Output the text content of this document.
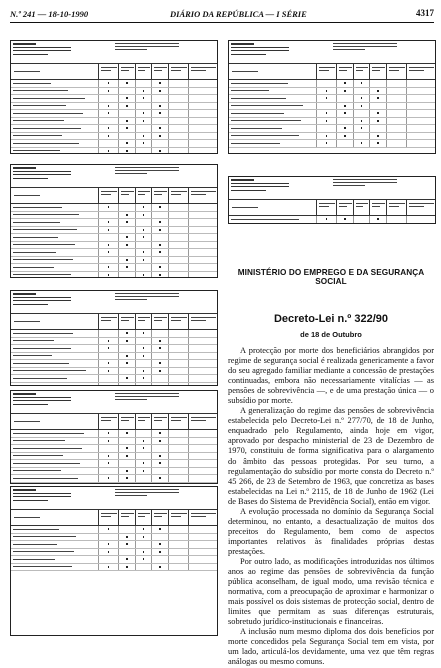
N.º 241 — 18-10-1990	DIÁRIO DA REPÚBLICA — I SÉRIE	4317
MINISTÉRIO DO EMPREGO E DA SEGURANÇA SOCIAL
Decreto-Lei n.º 322/90
de 18 de Outubro

A protecção por morte dos beneficiários abrangidos por regime de segurança social é realizada genericamente a favor do seu agregado familiar mediante a concessão de prestações continuadas, embora não necessariamente vitalícias — as pensões de sobrevivência —, e de uma prestação única — o subsídio por morte.

A generalização do regime das pensões de sobrevivência estabelecida pelo Decreto-Lei n.º 277/70, de 18 de Junho, enquadrado pelo Regulamento, ainda hoje em vigor, aprovado por despacho ministerial de 23 de Dezembro de 1970, constituiu de forma significativa para o alargamento do âmbito das pessoas protegidas. Por seu turno, a regulamentação do subsídio por morte consta do Decreto n.º 45 266, de 23 de Setembro de 1963, que concretiza as bases estabelecidas na Lei n.º 2115, de 18 de Junho de 1962 (Lei de Bases do Sistema de Previdência Social), então em vigor.

A evolução processada no domínio da Segurança Social determinou, no entanto, a desactualização de muitos dos preceitos do Regulamento, bem como de aspectos importantes relativos às finalidades próprias destas prestações.

Por outro lado, as modificações introduzidas nos últimos anos ao regime das pensões de sobrevivência da função pública aconselham, de igual modo, uma revisão técnica e normativa, com a preocupação de aproximar e harmonizar o mais possível os dois sistemas de protecção social, dentro de limites que permitam as suas diferenças estruturais, sobretudo jurídico-institucionais e financeiras.

A inclusão num mesmo diploma dos dois benefícios por morte concedidos pela Segurança Social tem em vista, por um lado, articulá-los devidamente, uma vez que têm regras análogas ou mesmo comuns.
